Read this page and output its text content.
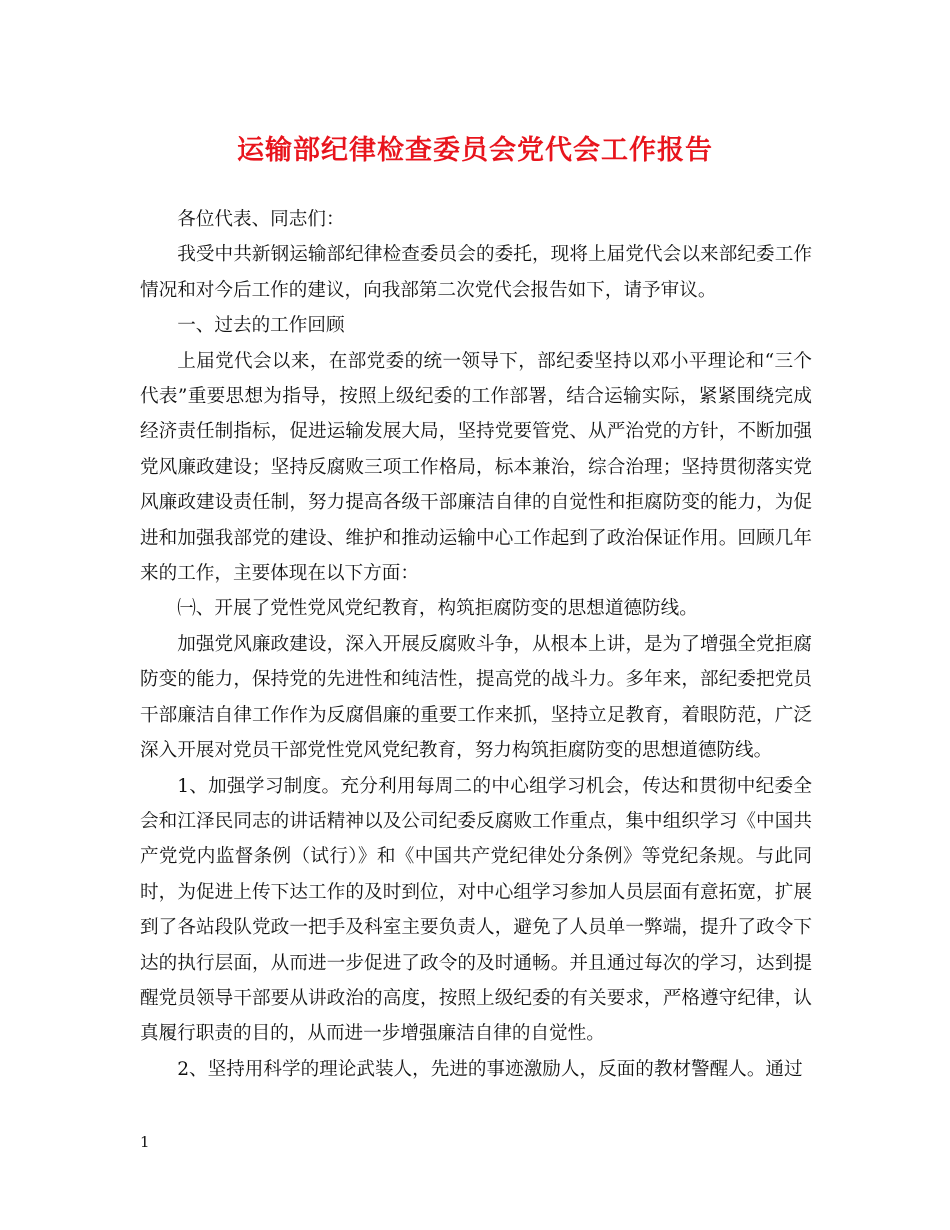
运输部纪律检查委员会党代会工作报告

各位代表、同志们：

我受中共新钢运输部纪律检查委员会的委托，现将上届党代会以来部纪委工作情况和对今后工作的建议，向我部第二次党代会报告如下，请予审议。

一、过去的工作回顾

上届党代会以来，在部党委的统一领导下，部纪委坚持以邓小平理论和“三个代表”重要思想为指导，按照上级纪委的工作部署，结合运输实际，紧紧围绕完成经济责任制指标，促进运输发展大局，坚持党要管党、从严治党的方针，不断加强党风廉政建设；坚持反腐败三项工作格局，标本兼治，综合治理；坚持贯彻落实党风廉政建设责任制，努力提高各级干部廉洁自律的自觉性和拒腐防变的能力，为促进和加强我部党的建设、维护和推动运输中心工作起到了政治保证作用。回顾几年来的工作，主要体现在以下方面：

㈠、开展了党性党风党纪教育，构筑拒腐防变的思想道德防线。

加强党风廉政建设，深入开展反腐败斗争，从根本上讲，是为了增强全党拒腐防变的能力，保持党的先进性和纯洁性，提高党的战斗力。多年来，部纪委把党员干部廉洁自律工作作为反腐倡廉的重要工作来抓，坚持立足教育，着眼防范，广泛深入开展对党员干部党性党风党纪教育，努力构筑拒腐防变的思想道德防线。

1、加强学习制度。充分利用每周二的中心组学习机会，传达和贯彻中纪委全会和江泽民同志的讲话精神以及公司纪委反腐败工作重点，集中组织学习《中国共产党党内监督条例（试行）》和《中国共产党纪律处分条例》等党纪条规。与此同时，为促进上传下达工作的及时到位，对中心组学习参加人员层面有意拓宽，扩展到了各站段队党政一把手及科室主要负责人，避免了人员单一弊端，提升了政令下达的执行层面，从而进一步促进了政令的及时通畅。并且通过每次的学习，达到提醒党员领导干部要从讲政治的高度，按照上级纪委的有关要求，严格遵守纪律，认真履行职责的目的，从而进一步增强廉洁自律的自觉性。

2、坚持用科学的理论武装人，先进的事迹激励人，反面的教材警醒人。通过

1
